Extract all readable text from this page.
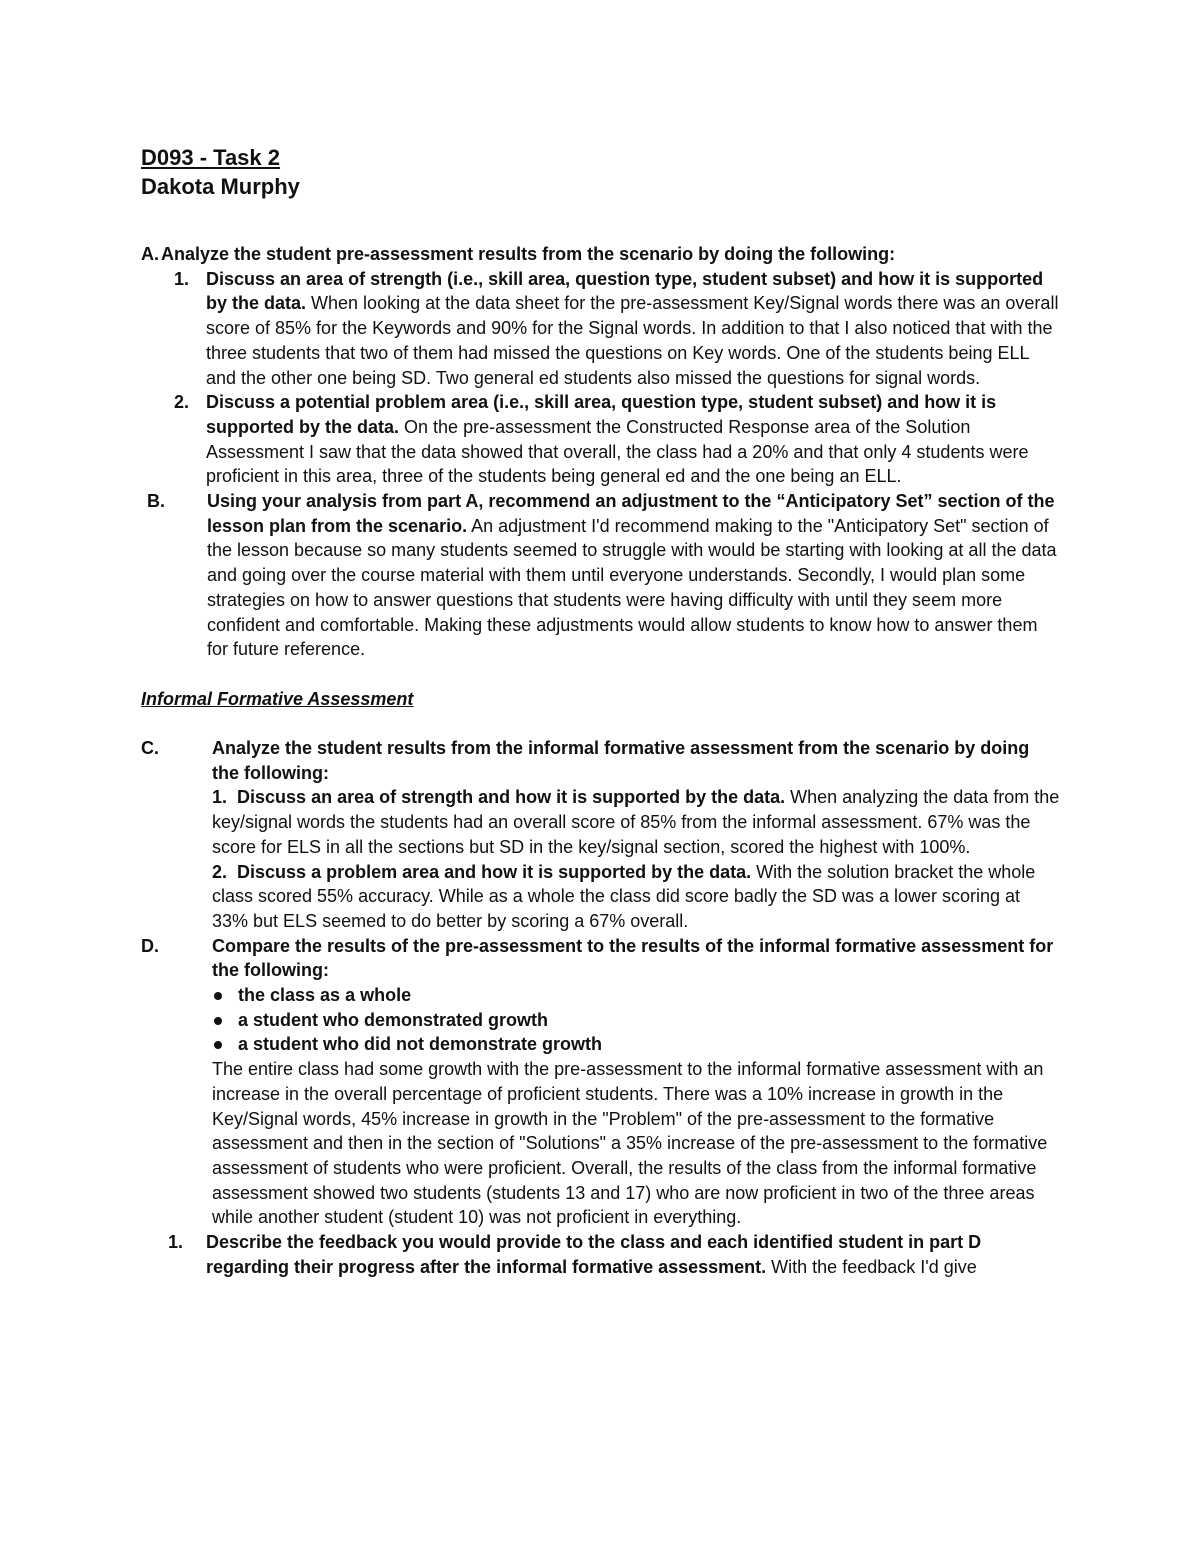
D093 - Task 2

Dakota Murphy

A. Analyze the student pre-assessment results from the scenario by doing the following:

1. Discuss an area of strength (i.e., skill area, question type, student subset) and how it is supported by the data. When looking at the data sheet for the pre-assessment Key/Signal words there was an overall score of 85% for the Keywords and 90% for the Signal words. In addition to that I also noticed that with the three students that two of them had missed the questions on Key words. One of the students being ELL and the other one being SD. Two general ed students also missed the questions for signal words.

2. Discuss a potential problem area (i.e., skill area, question type, student subset) and how it is supported by the data. On the pre-assessment the Constructed Response area of the Solution Assessment I saw that the data showed that overall, the class had a 20% and that only 4 students were proficient in this area, three of the students being general ed and the one being an ELL.

B. Using your analysis from part A, recommend an adjustment to the “Anticipatory Set” section of the lesson plan from the scenario. An adjustment I'd recommend making to the "Anticipatory Set" section of the lesson because so many students seemed to struggle with would be starting with looking at all the data and going over the course material with them until everyone understands. Secondly, I would plan some strategies on how to answer questions that students were having difficulty with until they seem more confident and comfortable. Making these adjustments would allow students to know how to answer them for future reference.

Informal Formative Assessment

C.	Analyze the student results from the informal formative assessment from the scenario by doing the following:

1. Discuss an area of strength and how it is supported by the data. When analyzing the data from the key/signal words the students had an overall score of 85% from the informal assessment. 67% was the score for ELS in all the sections but SD in the key/signal section, scored the highest with 100%.

2. Discuss a problem area and how it is supported by the data. With the solution bracket the whole class scored 55% accuracy. While as a whole the class did score badly the SD was a lower scoring at 33% but ELS seemed to do better by scoring a 67% overall.

D.	Compare the results of the pre-assessment to the results of the informal formative assessment for the following:

the class as a whole
a student who demonstrated growth
a student who did not demonstrate growth

The entire class had some growth with the pre-assessment to the informal formative assessment with an increase in the overall percentage of proficient students. There was a 10% increase in growth in the Key/Signal words, 45% increase in growth in the "Problem" of the pre-assessment to the formative assessment and then in the section of "Solutions" a 35% increase of the pre-assessment to the formative assessment of students who were proficient. Overall, the results of the class from the informal formative assessment showed two students (students 13 and 17) who are now proficient in two of the three areas while another student (student 10) was not proficient in everything.

1. Describe the feedback you would provide to the class and each identified student in part D regarding their progress after the informal formative assessment. With the feedback I'd give
